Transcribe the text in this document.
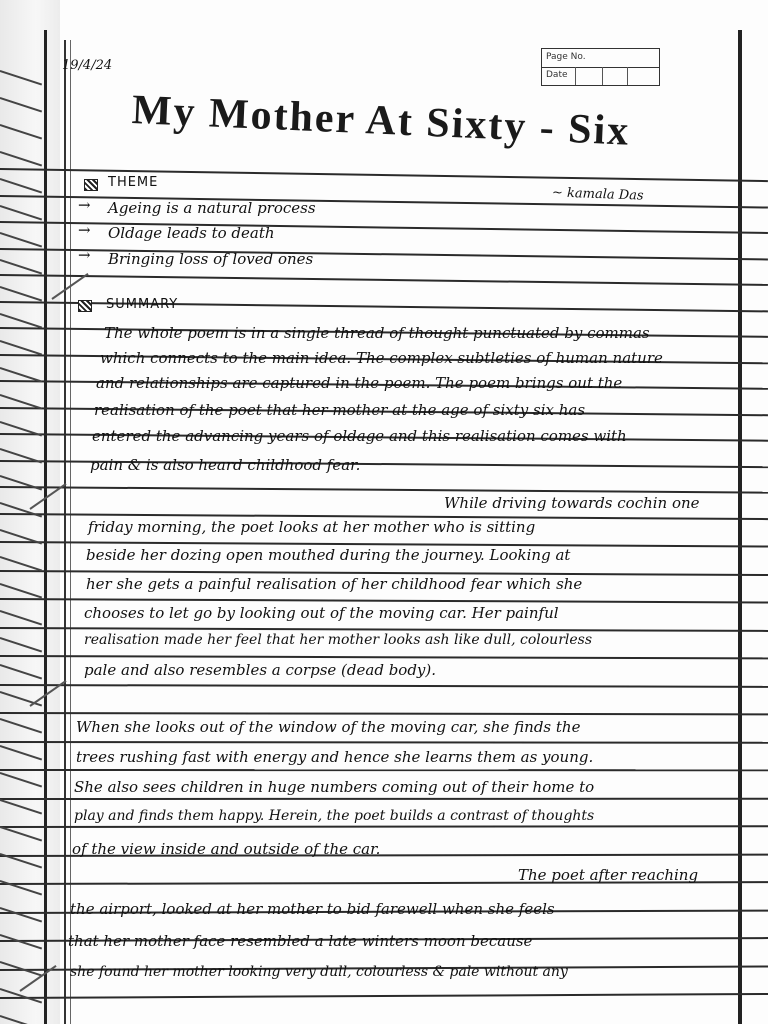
19/4/24
Page No.
Date
My Mother At Sixty - Six
~ kamala Das
THEME
→ Ageing is a natural process
→ Oldage leads to death
→ Bringing loss of loved ones
SUMMARY
The whole poem is in a single thread of thought punctuated by commas
which connects to the main idea. The complex subtleties of human nature
and relationships are captured in the poem. The poem brings out the
realisation of the poet that her mother at the age of sixty six has
entered the advancing years of oldage and this realisation comes with
pain & is also heard childhood fear.
While driving towards cochin one
friday morning, the poet looks at her mother who is sitting
beside her dozing open mouthed during the journey. Looking at
her she gets a painful realisation of her childhood fear which she
chooses to let go by looking out of the moving car. Her painful
realisation made her feel that her mother looks ash like dull, colourless
pale and also resembles a corpse (dead body).
When she looks out of the window of the moving car, she finds the
trees rushing fast with energy and hence she learns them as young.
She also sees children in huge numbers coming out of their home to
play and finds them happy. Herein, the poet builds a contrast of thoughts
of the view inside and outside of the car.
The poet after reaching
the airport, looked at her mother to bid farewell when she feels
that her mother face resembled a late winters moon because
she found her mother looking very dull, colourless & pale without any
